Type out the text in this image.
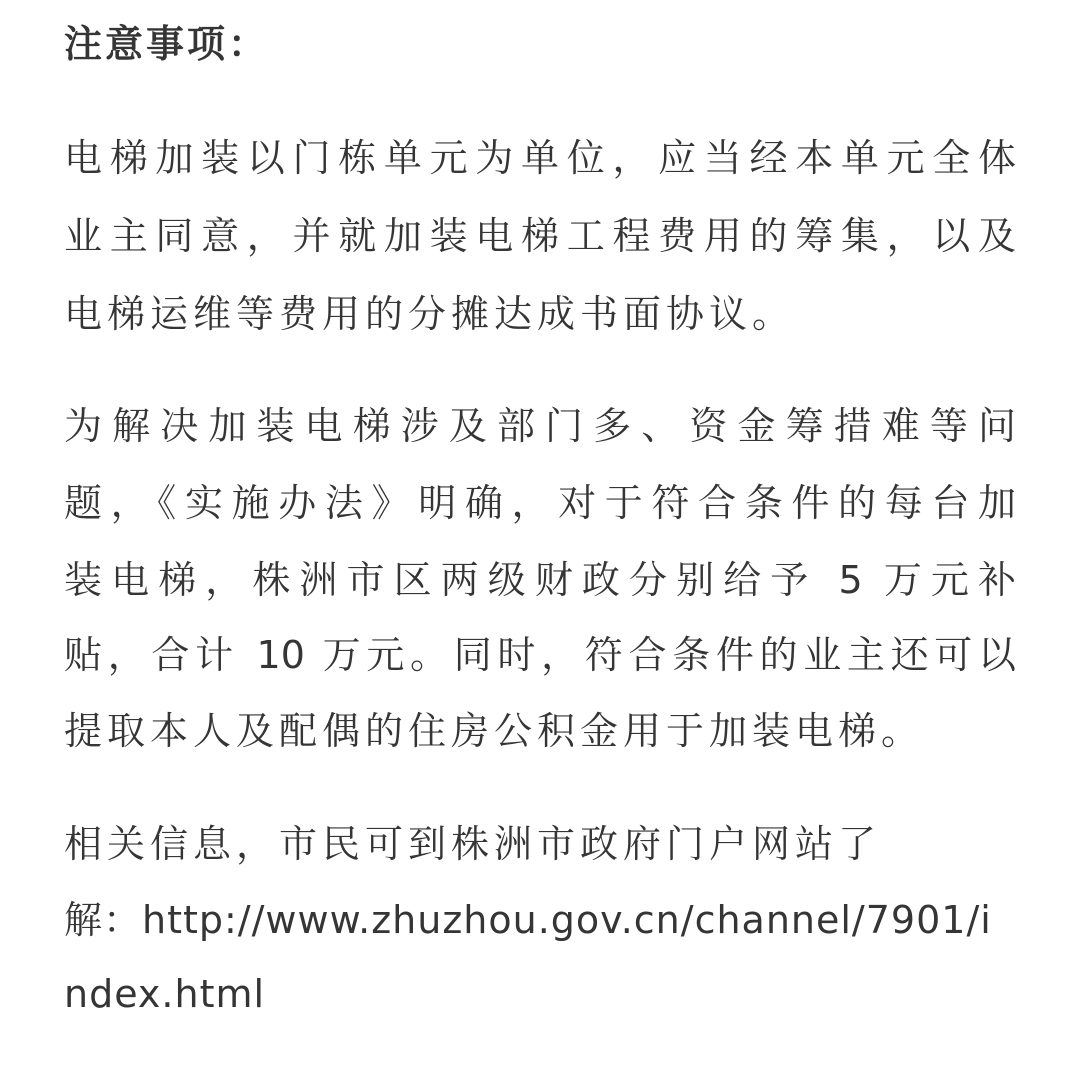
注意事项：
电梯加装以门栋单元为单位，应当经本单元全体
业主同意，并就加装电梯工程费用的筹集，以及
电梯运维等费用的分摊达成书面协议。
为解决加装电梯涉及部门多、资金筹措难等问
题，《实施办法》明确，对于符合条件的每台加
装电梯，株洲市区两级财政分别给予 5 万元补
贴，合计 10 万元。同时，符合条件的业主还可以
提取本人及配偶的住房公积金用于加装电梯。
相关信息，市民可到株洲市政府门户网站了
解：http://www.zhuzhou.gov.cn/channel/7901/i
ndex.html
